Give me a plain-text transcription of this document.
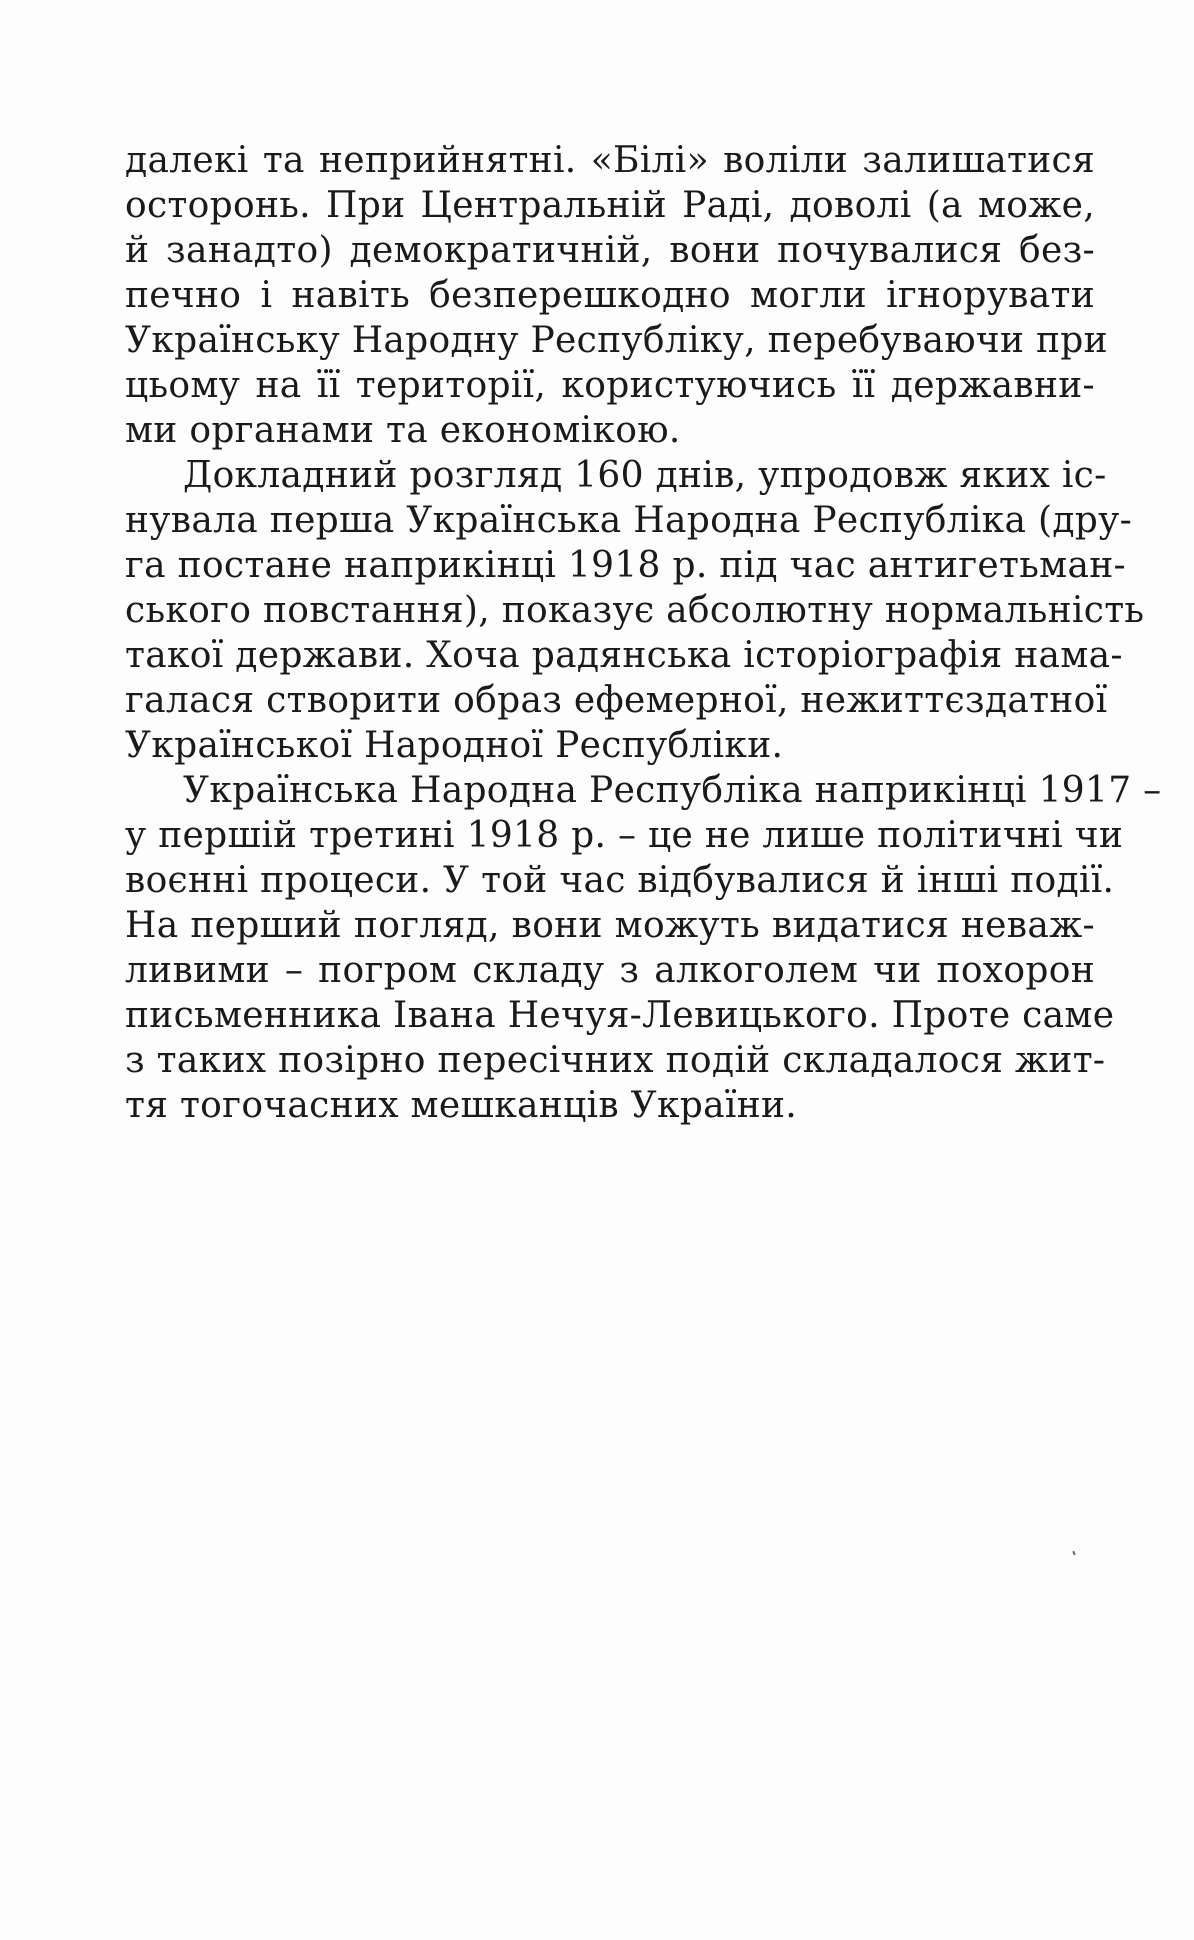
далекі та неприйнятні. «Білі» воліли залишатися
осторонь. При Центральній Раді, доволі (а може,
й занадто) демократичній, вони почувалися без-
печно і навіть безперешкодно могли ігнорувати
Українську Народну Республіку, перебуваючи при
цьому на її території, користуючись її державни-
ми органами та економікою.

Докладний розгляд 160 днів, упродовж яких іс-
нувала перша Українська Народна Республіка (дру-
га постане наприкінці 1918 р. під час антигетьман-
ського повстання), показує абсолютну нормальність
такої держави. Хоча радянська історіографія нама-
галася створити образ ефемерної, нежиттєздатної
Української Народної Республіки.

Українська Народна Республіка наприкінці 1917 –
у першій третині 1918 р. – це не лише політичні чи
воєнні процеси. У той час відбувалися й інші події.
На перший погляд, вони можуть видатися неваж-
ливими – погром складу з алкоголем чи похорон
письменника Івана Нечуя-Левицького. Проте саме
з таких позірно пересічних подій складалося жит-
тя тогочасних мешканців України.
